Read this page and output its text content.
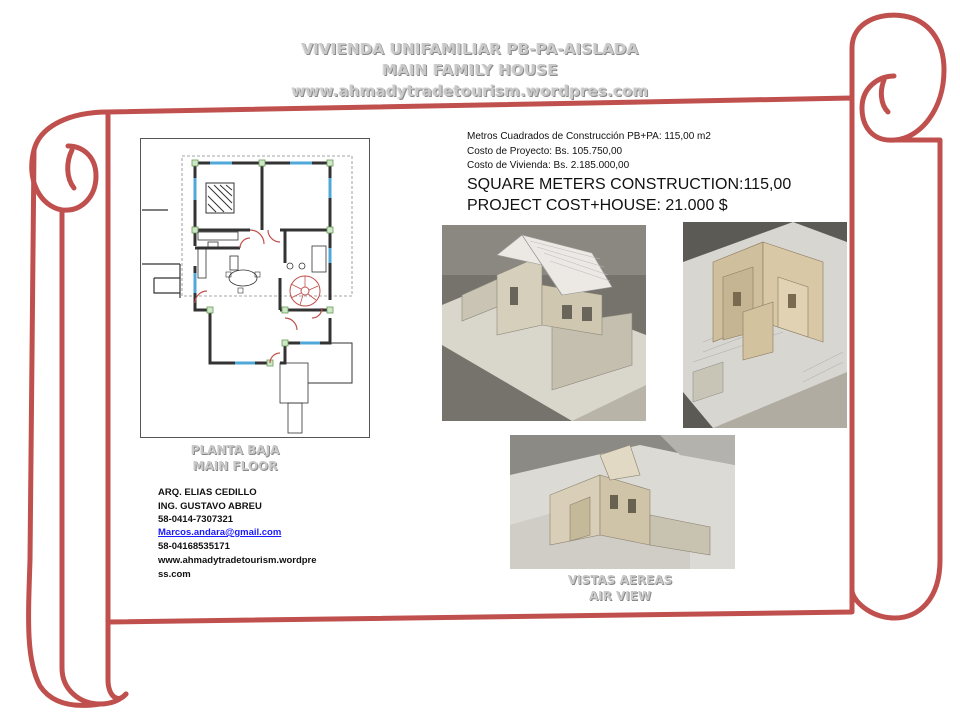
VIVIENDA UNIFAMILIAR PB-PA-AISLADA
MAIN FAMILY HOUSE
www.ahmadytradetourism.wordpres.com
PLANTA BAJA
MAIN FLOOR
ARQ. ELIAS CEDILLO
ING. GUSTAVO ABREU
58-0414-7307321
Marcos.andara@gmail.com
58-04168535171
www.ahmadytradetourism.wordpre
ss.com
Metros Cuadrados de Construcción PB+PA: 115,00 m2
Costo de Proyecto: Bs. 105.750,00
Costo de Vivienda: Bs. 2.185.000,00
SQUARE METERS CONSTRUCTION:115,00
PROJECT COST+HOUSE: 21.000 $
VISTAS AEREAS
AIR VIEW
